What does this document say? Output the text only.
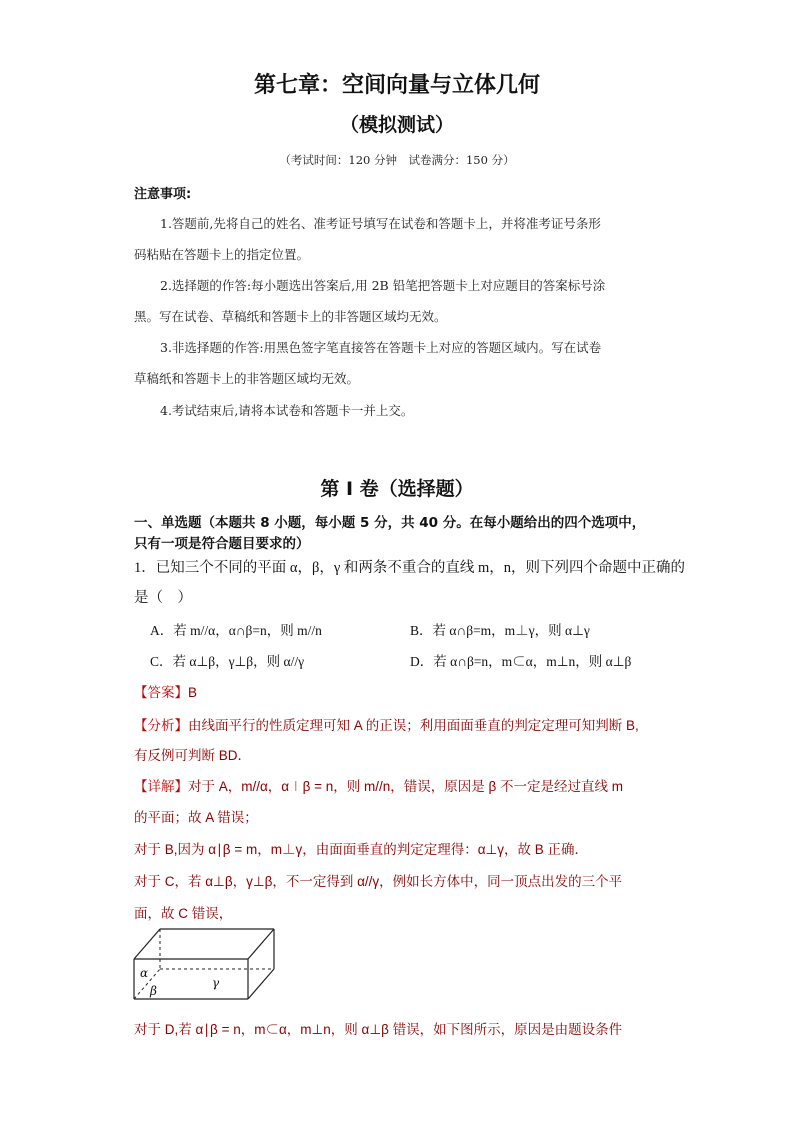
第七章：空间向量与立体几何
（模拟测试）
（考试时间：120 分钟　试卷满分：150 分）
注意事项:
1.答题前,先将自己的姓名、准考证号填写在试卷和答题卡上，并将准考证号条形
码粘贴在答题卡上的指定位置。
2.选择题的作答:每小题选出答案后,用 2B 铅笔把答题卡上对应题目的答案标号涂
黑。写在试卷、草稿纸和答题卡上的非答题区域均无效。
3.非选择题的作答:用黑色签字笔直接答在答题卡上对应的答题区域内。写在试卷
草稿纸和答题卡上的非答题区域均无效。
4.考试结束后,请将本试卷和答题卡一并上交。
第 I 卷（选择题）
一、单选题（本题共 8 小题，每小题 5 分，共 40 分。在每小题给出的四个选项中，
只有一项是符合题目要求的）
1．已知三个不同的平面 α，β，γ 和两条不重合的直线 m，n，则下列四个命题中正确的
是（　）
A．若 m//α，α∩β=n，则 m//n	B．若 α∩β=m，m⊥γ，则 α⊥γ
C．若 α⊥β，γ⊥β，则 α//γ	D．若 α∩β=n，m⊂α，m⊥n，则 α⊥β
【答案】B
【分析】由线面平行的性质定理可知 A 的正误；利用面面垂直的判定定理可知判断 B,
有反例可判断 BD．
【详解】对于 A，m//α，α∣β = n，则 m//n，错误，原因是 β 不一定是经过直线 m
的平面；故 A 错误；
对于 B,因为 α∣β = m，m⊥γ，由面面垂直的判定定理得：α⊥γ，故 B 正确．
对于 C，若 α⊥β，γ⊥β，不一定得到 α//γ，例如长方体中，同一顶点出发的三个平
面，故 C 错误，
α
β
γ
对于 D,若 α∣β = n，m⊂α，m⊥n，则 α⊥β 错误，如下图所示，原因是由题设条件
